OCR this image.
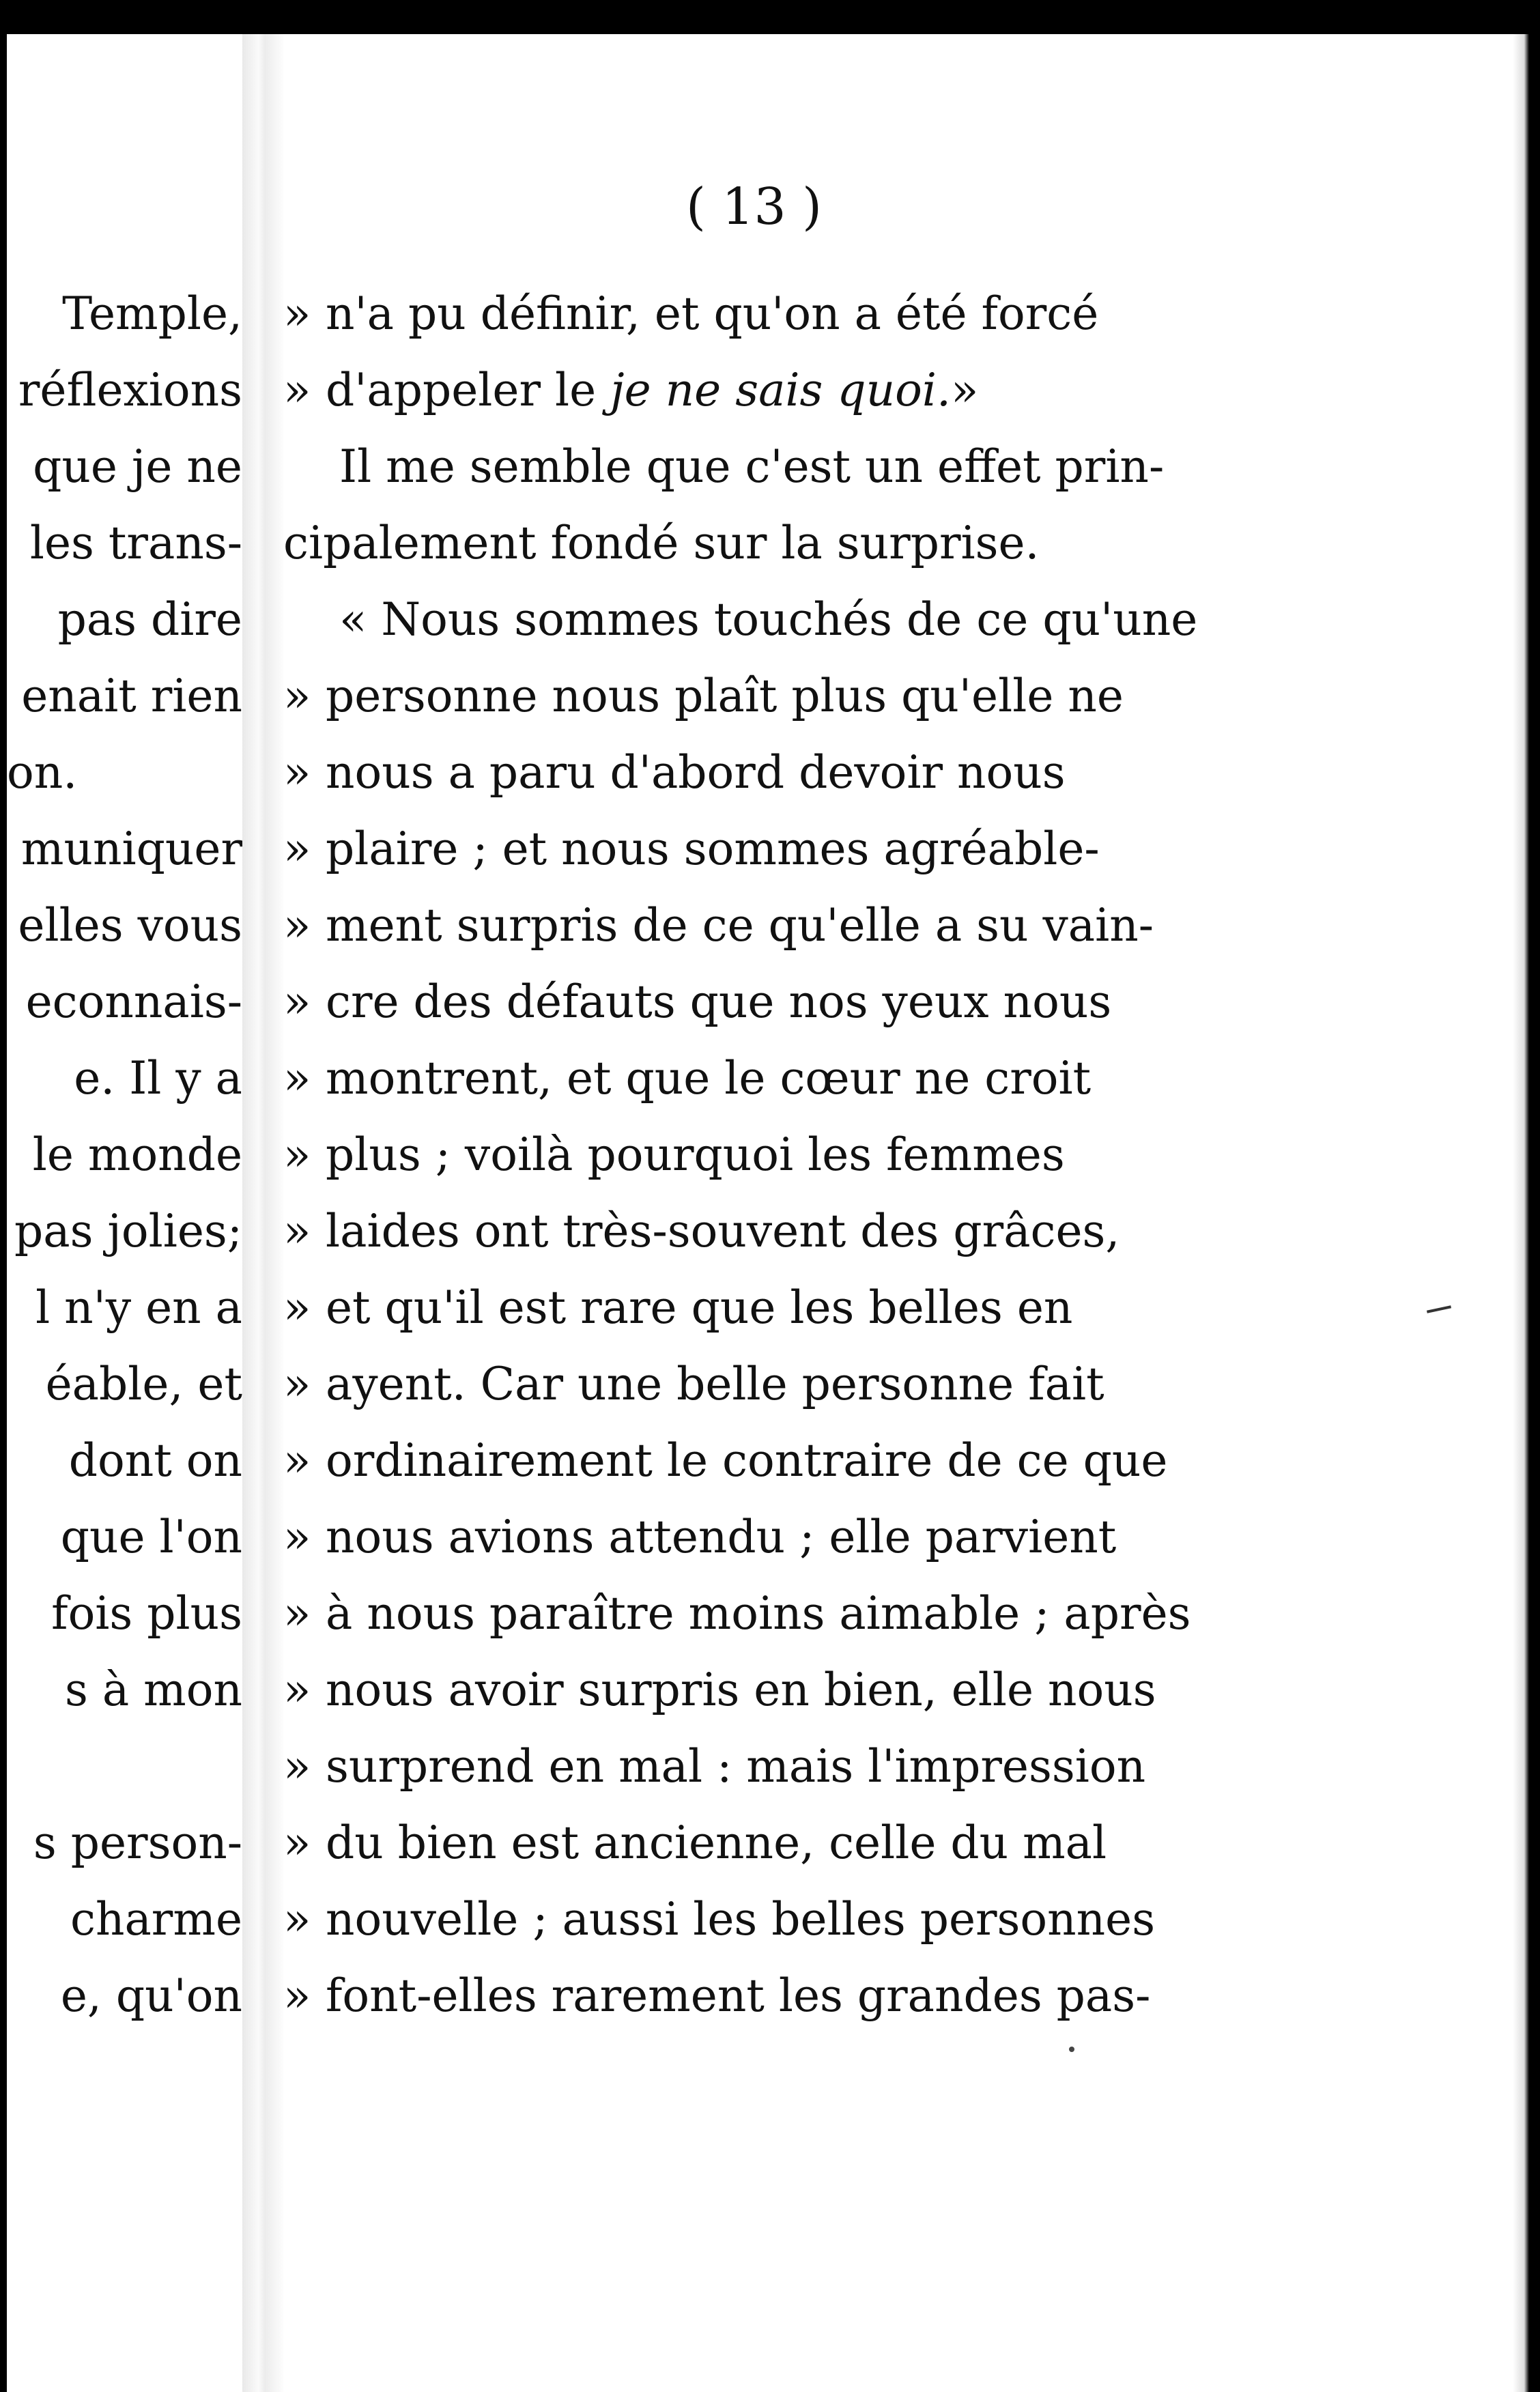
Temple,
réflexions
que je ne
les trans-
pas dire
enait rien
on.
muniquer
elles vous
econnais-
e. Il y a
le monde
pas jolies;
l n'y en a
éable, et
dont on
que l'on
fois plus
s à mon
s person-
charme
e, qu'on
( 13 )
» n'a pu définir, et qu'on a été forcé
» d'appeler le je ne sais quoi.»
Il me semble que c'est un effet prin-
cipalement fondé sur la surprise.
« Nous sommes touchés de ce qu'une
» personne nous plaît plus qu'elle ne
» nous a paru d'abord devoir nous
» plaire ; et nous sommes agréable-
» ment surpris de ce qu'elle a su vain-
» cre des défauts que nos yeux nous
» montrent, et que le cœur ne croit
» plus ; voilà pourquoi les femmes
» laides ont très-souvent des grâces,
» et qu'il est rare que les belles en
» ayent. Car une belle personne fait
» ordinairement le contraire de ce que
» nous avions attendu ; elle parvient
» à nous paraître moins aimable ; après
» nous avoir surpris en bien, elle nous
» surprend en mal : mais l'impression
» du bien est ancienne, celle du mal
» nouvelle ; aussi les belles personnes
» font-elles rarement les grandes pas-
